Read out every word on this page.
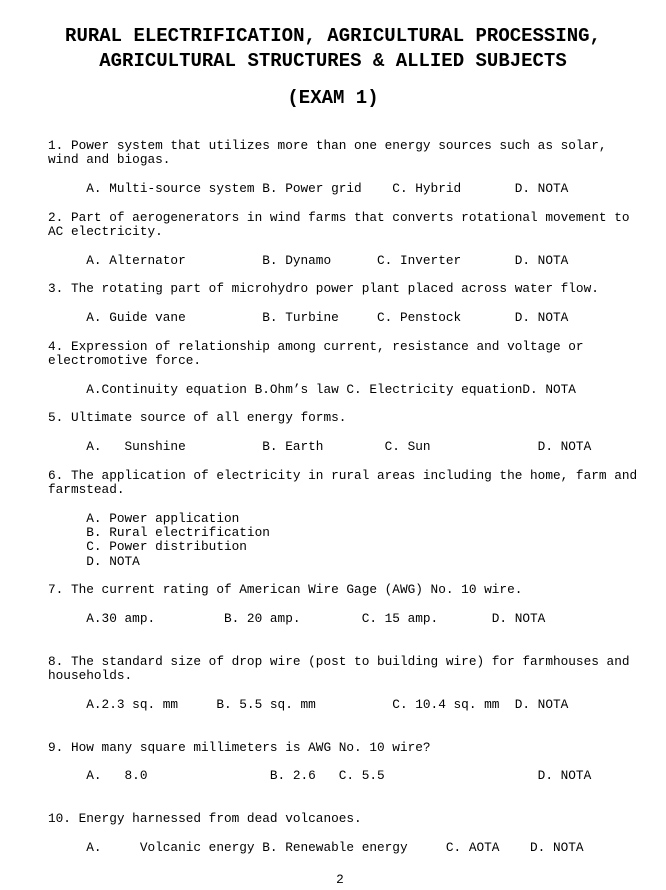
RURAL ELECTRIFICATION, AGRICULTURAL PROCESSING,
AGRICULTURAL STRUCTURES & ALLIED SUBJECTS
(EXAM 1)
1. Power system that utilizes more than one energy sources such as solar,
wind and biogas.
A. Multi-source system B. Power grid    C. Hybrid       D. NOTA
2. Part of aerogenerators in wind farms that converts rotational movement to
AC electricity.
A. Alternator          B. Dynamo      C. Inverter       D. NOTA
3. The rotating part of microhydro power plant placed across water flow.
A. Guide vane          B. Turbine     C. Penstock       D. NOTA
4. Expression of relationship among current, resistance and voltage or
electromotive force.
A.Continuity equation B.Ohm’s law C. Electricity equationD. NOTA
5. Ultimate source of all energy forms.
A.   Sunshine          B. Earth        C. Sun              D. NOTA
6. The application of electricity in rural areas including the home, farm and
farmstead.
A. Power application
B. Rural electrification
C. Power distribution
D. NOTA
7. The current rating of American Wire Gage (AWG) No. 10 wire.
A.30 amp.         B. 20 amp.        C. 15 amp.       D. NOTA
8. The standard size of drop wire (post to building wire) for farmhouses and
households.
A.2.3 sq. mm     B. 5.5 sq. mm          C. 10.4 sq. mm  D. NOTA
9. How many square millimeters is AWG No. 10 wire?
A.   8.0                B. 2.6   C. 5.5                    D. NOTA
10. Energy harnessed from dead volcanoes.
A.     Volcanic energy B. Renewable energy     C. AOTA    D. NOTA
2
